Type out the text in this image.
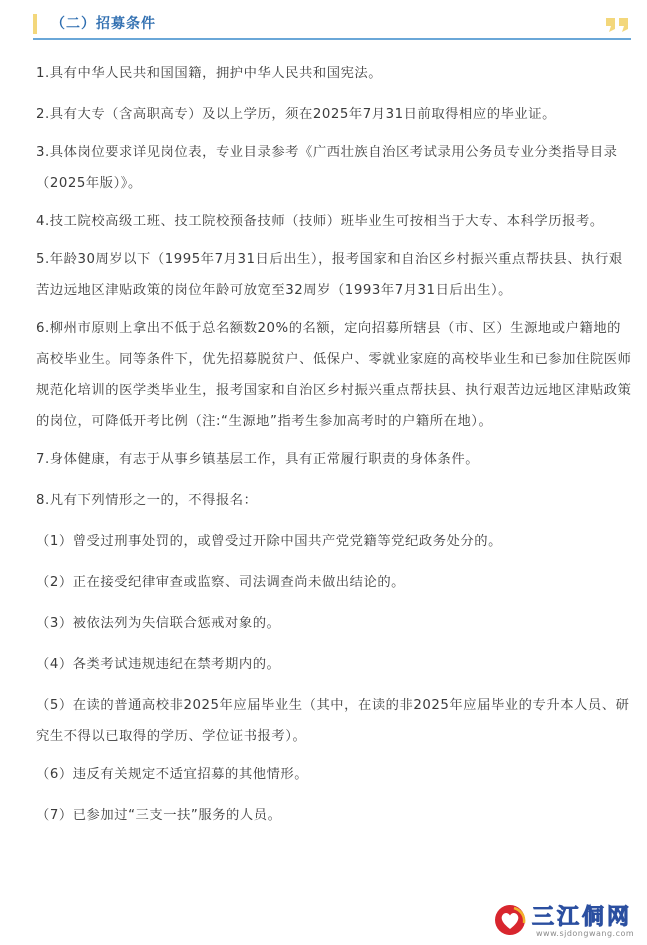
（二）招募条件

1.具有中华人民共和国国籍，拥护中华人民共和国宪法。

2.具有大专（含高职高专）及以上学历，须在2025年7月31日前取得相应的毕业证。

3.具体岗位要求详见岗位表，专业目录参考《广西壮族自治区考试录用公务员专业分类指导目录（2025年版）》。

4.技工院校高级工班、技工院校预备技师（技师）班毕业生可按相当于大专、本科学历报考。

5.年龄30周岁以下（1995年7月31日后出生），报考国家和自治区乡村振兴重点帮扶县、执行艰苦边远地区津贴政策的岗位年龄可放宽至32周岁（1993年7月31日后出生）。

6.柳州市原则上拿出不低于总名额数20%的名额，定向招募所辖县（市、区）生源地或户籍地的高校毕业生。同等条件下，优先招募脱贫户、低保户、零就业家庭的高校毕业生和已参加住院医师规范化培训的医学类毕业生，报考国家和自治区乡村振兴重点帮扶县、执行艰苦边远地区津贴政策的岗位，可降低开考比例（注:“生源地”指考生参加高考时的户籍所在地）。

7.身体健康，有志于从事乡镇基层工作，具有正常履行职责的身体条件。

8.凡有下列情形之一的，不得报名：

（1）曾受过刑事处罚的，或曾受过开除中国共产党党籍等党纪政务处分的。

（2）正在接受纪律审查或监察、司法调查尚未做出结论的。

（3）被依法列为失信联合惩戒对象的。

（4）各类考试违规违纪在禁考期内的。

（5）在读的普通高校非2025年应届毕业生（其中，在读的非2025年应届毕业的专升本人员、研究生不得以已取得的学历、学位证书报考）。

（6）违反有关规定不适宜招募的其他情形。

（7）已参加过“三支一扶”服务的人员。

三江侗网
www.sjdongwang.com
